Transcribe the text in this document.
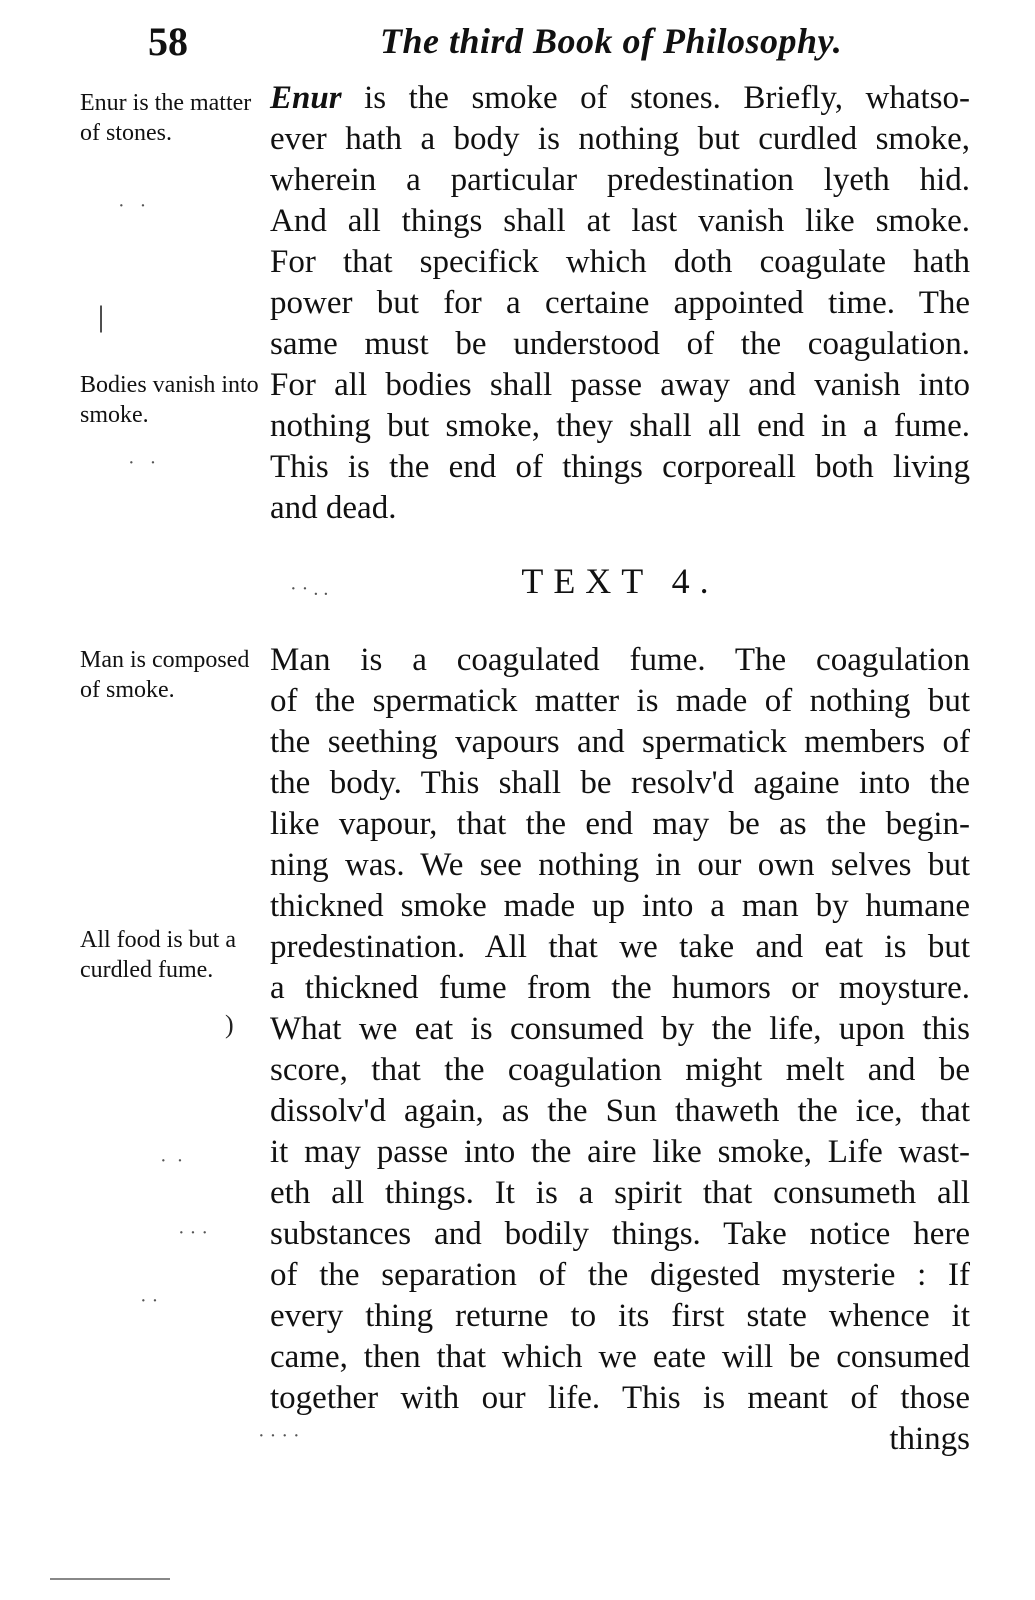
58	The third Book of Philosophy.
Enur is the matter of stones.
Bodies vanish into smoke.
Man is composed of smoke.
All food is but a curdled fume.
Enur is the smoke of stones. Briefly, whatso-
ever hath a body is nothing but curdled smoke,
wherein a particular predestination lyeth hid.
And all things shall at last vanish like smoke.
For that specifick which doth coagulate hath
power but for a certaine appointed time. The
same must be understood of the coagulation.
For all bodies shall passe away and vanish into
nothing but smoke, they shall all end in a fume.
This is the end of things corporeall both living
and dead.
TEXT 4.
Man is a coagulated fume. The coagulation
of the spermatick matter is made of nothing but
the seething vapours and spermatick members of
the body. This shall be resolv'd againe into the
like vapour, that the end may be as the begin-
ning was. We see nothing in our own selves but
thickned smoke made up into a man by humane
predestination. All that we take and eat is but
a thickned fume from the humors or moysture.
What we eat is consumed by the life, upon this
score, that the coagulation might melt and be
dissolv'd again, as the Sun thaweth the ice, that
it may passe into the aire like smoke, Life wast-
eth all things. It is a spirit that consumeth all
substances and bodily things. Take notice here
of the separation of the digested mysterie : If
every thing returne to its first state whence it
came, then that which we eate will be consumed
together with our life. This is meant of those
things
·   ·
|
·   ·
· · . .
)
·  ·
· · ·
· ·
· · · ·
